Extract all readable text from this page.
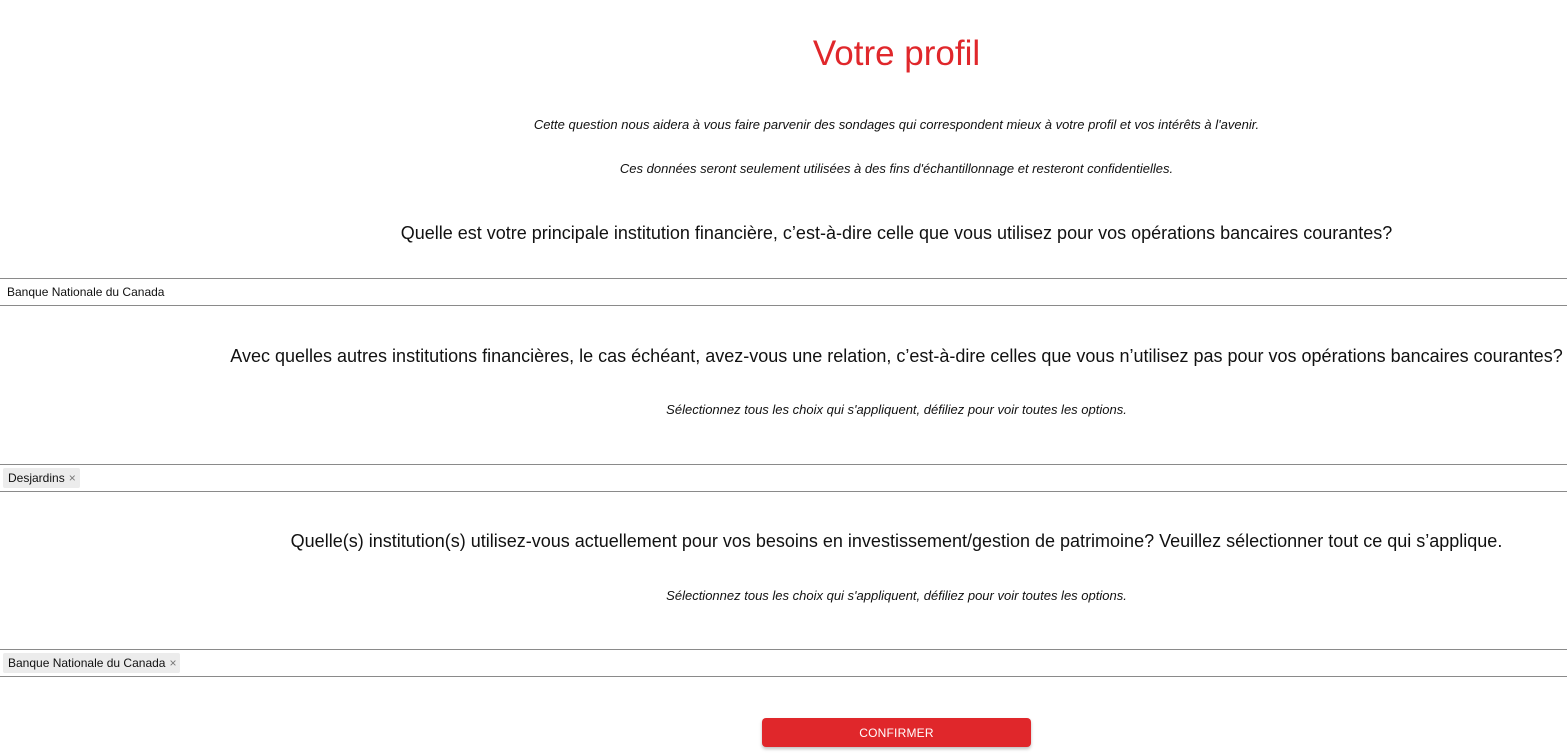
Votre profil
Cette question nous aidera à vous faire parvenir des sondages qui correspondent mieux à votre profil et vos intérêts à l'avenir.
Ces données seront seulement utilisées à des fins d'échantillonnage et resteront confidentielles.
Quelle est votre principale institution financière, c’est-à-dire celle que vous utilisez pour vos opérations bancaires courantes?
Banque Nationale du Canada
Avec quelles autres institutions financières, le cas échéant, avez-vous une relation, c’est-à-dire celles que vous n’utilisez pas pour vos opérations bancaires courantes?
Sélectionnez tous les choix qui s'appliquent, défiliez pour voir toutes les options.
Desjardins ×
Quelle(s) institution(s) utilisez-vous actuellement pour vos besoins en investissement/gestion de patrimoine? Veuillez sélectionner tout ce qui s’applique.
Sélectionnez tous les choix qui s'appliquent, défiliez pour voir toutes les options.
Banque Nationale du Canada ×
CONFIRMER
